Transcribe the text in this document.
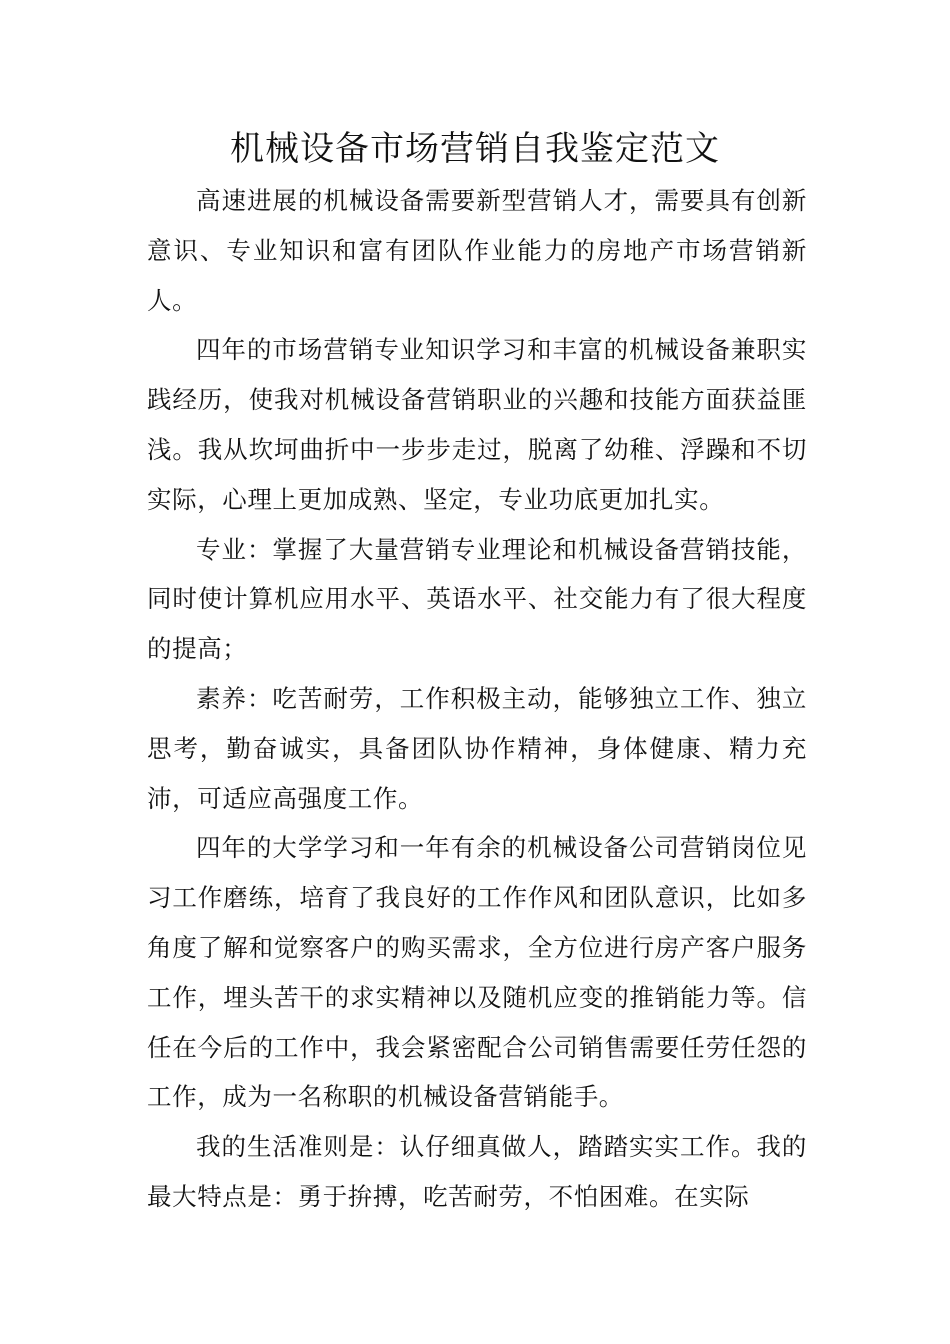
机械设备市场营销自我鉴定范文

高速进展的机械设备需要新型营销人才，需要具有创新意识、专业知识和富有团队作业能力的房地产市场营销新人。

四年的市场营销专业知识学习和丰富的机械设备兼职实践经历，使我对机械设备营销职业的兴趣和技能方面获益匪浅。我从坎坷曲折中一步步走过，脱离了幼稚、浮躁和不切实际，心理上更加成熟、坚定，专业功底更加扎实。

专业：掌握了大量营销专业理论和机械设备营销技能，同时使计算机应用水平、英语水平、社交能力有了很大程度的提高；

素养：吃苦耐劳，工作积极主动，能够独立工作、独立思考，勤奋诚实，具备团队协作精神，身体健康、精力充沛，可适应高强度工作。

四年的大学学习和一年有余的机械设备公司营销岗位见习工作磨练，培育了我良好的工作作风和团队意识，比如多角度了解和觉察客户的购买需求，全方位进行房产客户服务工作，埋头苦干的求实精神以及随机应变的推销能力等。信任在今后的工作中，我会紧密配合公司销售需要任劳任怨的工作，成为一名称职的机械设备营销能手。

我的生活准则是：认仔细真做人，踏踏实实工作。我的最大特点是：勇于拚搏，吃苦耐劳，不怕困难。在实际
